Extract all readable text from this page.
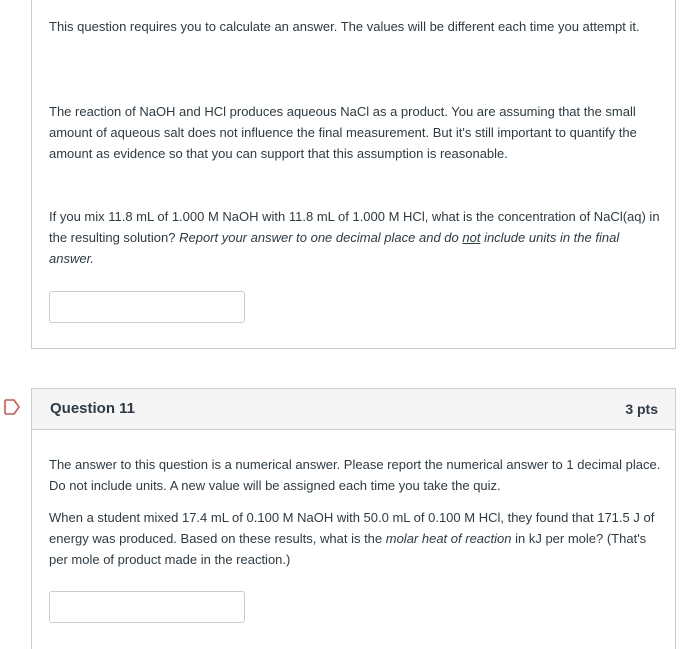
This question requires you to calculate an answer. The values will be different each time you attempt it.

The reaction of NaOH and HCl produces aqueous NaCl as a product. You are assuming that the small amount of aqueous salt does not influence the final measurement. But it's still important to quantify the amount as evidence so that you can support that this assumption is reasonable.

If you mix 11.8 mL of 1.000 M NaOH with 11.8 mL of 1.000 M HCl, what is the concentration of NaCl(aq) in the resulting solution? Report your answer to one decimal place and do not include units in the final answer.

Question 11	3 pts

The answer to this question is a numerical answer. Please report the numerical answer to 1 decimal place. Do not include units. A new value will be assigned each time you take the quiz.

When a student mixed 17.4 mL of 0.100 M NaOH with 50.0 mL of 0.100 M HCl, they found that 171.5 J of energy was produced. Based on these results, what is the molar heat of reaction in kJ per mole? (That's per mole of product made in the reaction.)
